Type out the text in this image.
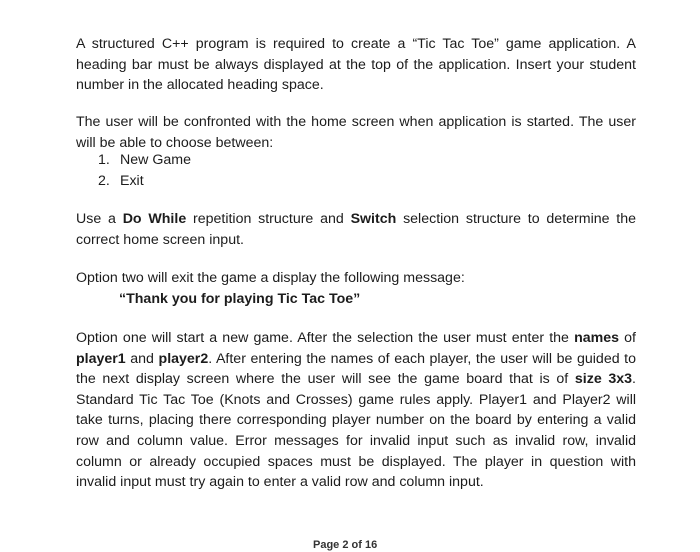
A structured C++ program is required to create a “Tic Tac Toe” game application. A heading bar must be always displayed at the top of the application. Insert your student number in the allocated heading space.

The user will be confronted with the home screen when application is started. The user will be able to choose between:

1. New Game
2. Exit

Use a Do While repetition structure and Switch selection structure to determine the correct home screen input.

Option two will exit the game a display the following message:

“Thank you for playing Tic Tac Toe”

Option one will start a new game. After the selection the user must enter the names of player1 and player2. After entering the names of each player, the user will be guided to the next display screen where the user will see the game board that is of size 3x3. Standard Tic Tac Toe (Knots and Crosses) game rules apply. Player1 and Player2 will take turns, placing there corresponding player number on the board by entering a valid row and column value. Error messages for invalid input such as invalid row, invalid column or already occupied spaces must be displayed. The player in question with invalid input must try again to enter a valid row and column input.

Page 2 of 16
